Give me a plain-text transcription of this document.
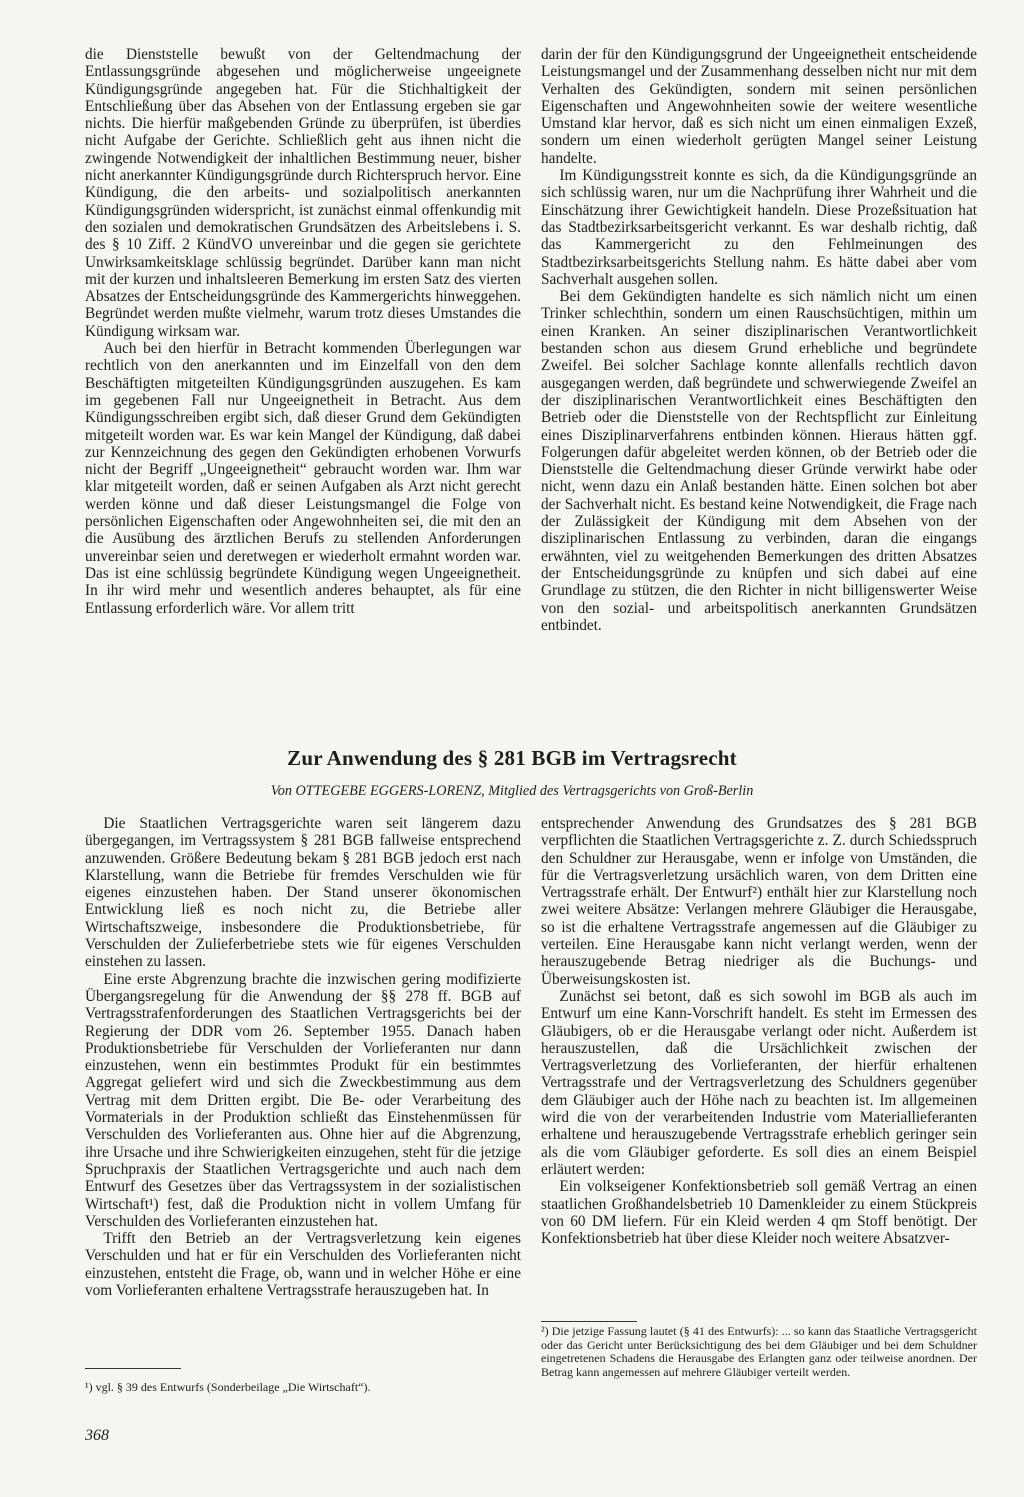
die Dienststelle bewußt von der Geltendmachung der Entlassungsgründe abgesehen und möglicherweise ungeeignete Kündigungsgründe angegeben hat. Für die Stichhaltigkeit der Entschließung über das Absehen von der Entlassung ergeben sie gar nichts. Die hierfür maßgebenden Gründe zu überprüfen, ist überdies nicht Aufgabe der Gerichte. Schließlich geht aus ihnen nicht die zwingende Notwendigkeit der inhaltlichen Bestimmung neuer, bisher nicht anerkannter Kündigungsgründe durch Richterspruch hervor. Eine Kündigung, die den arbeits- und sozialpolitisch anerkannten Kündigungsgründen widerspricht, ist zunächst einmal offenkundig mit den sozialen und demokratischen Grundsätzen des Arbeitslebens i. S. des § 10 Ziff. 2 KündVO unvereinbar und die gegen sie gerichtete Unwirksamkeitsklage schlüssig begründet. Darüber kann man nicht mit der kurzen und inhaltsleeren Bemerkung im ersten Satz des vierten Absatzes der Entscheidungsgründe des Kammergerichts hinweggehen. Begründet werden mußte vielmehr, warum trotz dieses Umstandes die Kündigung wirksam war.

Auch bei den hierfür in Betracht kommenden Überlegungen war rechtlich von den anerkannten und im Einzelfall von den dem Beschäftigten mitgeteilten Kündigungsgründen auszugehen. Es kam im gegebenen Fall nur Ungeeignetheit in Betracht. Aus dem Kündigungsschreiben ergibt sich, daß dieser Grund dem Gekündigten mitgeteilt worden war. Es war kein Mangel der Kündigung, daß dabei zur Kennzeichnung des gegen den Gekündigten erhobenen Vorwurfs nicht der Begriff „Ungeeignetheit“ gebraucht worden war. Ihm war klar mitgeteilt worden, daß er seinen Aufgaben als Arzt nicht gerecht werden könne und daß dieser Leistungsmangel die Folge von persönlichen Eigenschaften oder Angewohnheiten sei, die mit den an die Ausübung des ärztlichen Berufs zu stellenden Anforderungen unvereinbar seien und deretwegen er wiederholt ermahnt worden war. Das ist eine schlüssig begründete Kündigung wegen Ungeeignetheit. In ihr wird mehr und wesentlich anderes behauptet, als für eine Entlassung erforderlich wäre. Vor allem tritt

darin der für den Kündigungsgrund der Ungeeignetheit entscheidende Leistungsmangel und der Zusammenhang desselben nicht nur mit dem Verhalten des Gekündigten, sondern mit seinen persönlichen Eigenschaften und Angewohnheiten sowie der weitere wesentliche Umstand klar hervor, daß es sich nicht um einen einmaligen Exzeß, sondern um einen wiederholt gerügten Mangel seiner Leistung handelte.

Im Kündigungsstreit konnte es sich, da die Kündigungsgründe an sich schlüssig waren, nur um die Nachprüfung ihrer Wahrheit und die Einschätzung ihrer Gewichtigkeit handeln. Diese Prozeßsituation hat das Stadtbezirksarbeitsgericht verkannt. Es war deshalb richtig, daß das Kammergericht zu den Fehlmeinungen des Stadtbezirksarbeitsgerichts Stellung nahm. Es hätte dabei aber vom Sachverhalt ausgehen sollen.

Bei dem Gekündigten handelte es sich nämlich nicht um einen Trinker schlechthin, sondern um einen Rauschsüchtigen, mithin um einen Kranken. An seiner disziplinarischen Verantwortlichkeit bestanden schon aus diesem Grund erhebliche und begründete Zweifel. Bei solcher Sachlage konnte allenfalls rechtlich davon ausgegangen werden, daß begründete und schwerwiegende Zweifel an der disziplinarischen Verantwortlichkeit eines Beschäftigten den Betrieb oder die Dienststelle von der Rechtspflicht zur Einleitung eines Disziplinarverfahrens entbinden können. Hieraus hätten ggf. Folgerungen dafür abgeleitet werden können, ob der Betrieb oder die Dienststelle die Geltendmachung dieser Gründe verwirkt habe oder nicht, wenn dazu ein Anlaß bestanden hätte. Einen solchen bot aber der Sachverhalt nicht. Es bestand keine Notwendigkeit, die Frage nach der Zulässigkeit der Kündigung mit dem Absehen von der disziplinarischen Entlassung zu verbinden, daran die eingangs erwähnten, viel zu weitgehenden Bemerkungen des dritten Absatzes der Entscheidungsgründe zu knüpfen und sich dabei auf eine Grundlage zu stützen, die den Richter in nicht billigenswerter Weise von den sozial- und arbeitspolitisch anerkannten Grundsätzen entbindet.

Zur Anwendung des § 281 BGB im Vertragsrecht
Von OTTEGEBE EGGERS-LORENZ, Mitglied des Vertragsgerichts von Groß-Berlin

Die Staatlichen Vertragsgerichte waren seit längerem dazu übergegangen, im Vertragssystem § 281 BGB fallweise entsprechend anzuwenden. Größere Bedeutung bekam § 281 BGB jedoch erst nach Klarstellung, wann die Betriebe für fremdes Verschulden wie für eigenes einzustehen haben. Der Stand unserer ökonomischen Entwicklung ließ es noch nicht zu, die Betriebe aller Wirtschaftszweige, insbesondere die Produktionsbetriebe, für Verschulden der Zulieferbetriebe stets wie für eigenes Verschulden einstehen zu lassen.

Eine erste Abgrenzung brachte die inzwischen gering modifizierte Übergangsregelung für die Anwendung der §§ 278 ff. BGB auf Vertragsstrafenforderungen des Staatlichen Vertragsgerichts bei der Regierung der DDR vom 26. September 1955. Danach haben Produktionsbetriebe für Verschulden der Vorlieferanten nur dann einzustehen, wenn ein bestimmtes Produkt für ein bestimmtes Aggregat geliefert wird und sich die Zweckbestimmung aus dem Vertrag mit dem Dritten ergibt. Die Be- oder Verarbeitung des Vormaterials in der Produktion schließt das Einstehenmüssen für Verschulden des Vorlieferanten aus. Ohne hier auf die Abgrenzung, ihre Ursache und ihre Schwierigkeiten einzugehen, steht für die jetzige Spruchpraxis der Staatlichen Vertragsgerichte und auch nach dem Entwurf des Gesetzes über das Vertragssystem in der sozialistischen Wirtschaft¹) fest, daß die Produktion nicht in vollem Umfang für Verschulden des Vorlieferanten einzustehen hat.

Trifft den Betrieb an der Vertragsverletzung kein eigenes Verschulden und hat er für ein Verschulden des Vorlieferanten nicht einzustehen, entsteht die Frage, ob, wann und in welcher Höhe er eine vom Vorlieferanten erhaltene Vertragsstrafe herauszugeben hat. In

entsprechender Anwendung des Grundsatzes des § 281 BGB verpflichten die Staatlichen Vertragsgerichte z. Z. durch Schiedsspruch den Schuldner zur Herausgabe, wenn er infolge von Umständen, die für die Vertragsverletzung ursächlich waren, von dem Dritten eine Vertragsstrafe erhält. Der Entwurf²) enthält hier zur Klarstellung noch zwei weitere Absätze: Verlangen mehrere Gläubiger die Herausgabe, so ist die erhaltene Vertragsstrafe angemessen auf die Gläubiger zu verteilen. Eine Herausgabe kann nicht verlangt werden, wenn der herauszugebende Betrag niedriger als die Buchungs- und Überweisungskosten ist.

Zunächst sei betont, daß es sich sowohl im BGB als auch im Entwurf um eine Kann-Vorschrift handelt. Es steht im Ermessen des Gläubigers, ob er die Herausgabe verlangt oder nicht. Außerdem ist herauszustellen, daß die Ursächlichkeit zwischen der Vertragsverletzung des Vorlieferanten, der hierfür erhaltenen Vertragsstrafe und der Vertragsverletzung des Schuldners gegenüber dem Gläubiger auch der Höhe nach zu beachten ist. Im allgemeinen wird die von der verarbeitenden Industrie vom Materiallieferanten erhaltene und herauszugebende Vertragsstrafe erheblich geringer sein als die vom Gläubiger geforderte. Es soll dies an einem Beispiel erläutert werden:

Ein volkseigener Konfektionsbetrieb soll gemäß Vertrag an einen staatlichen Großhandelsbetrieb 10 Damenkleider zu einem Stückpreis von 60 DM liefern. Für ein Kleid werden 4 qm Stoff benötigt. Der Konfektionsbetrieb hat über diese Kleider noch weitere Absatzver-

¹) vgl. § 39 des Entwurfs (Sonderbeilage „Die Wirtschaft“).

²) Die jetzige Fassung lautet (§ 41 des Entwurfs): ... so kann das Staatliche Vertragsgericht oder das Gericht unter Berücksichtigung des bei dem Gläubiger und bei dem Schuldner eingetretenen Schadens die Herausgabe des Erlangten ganz oder teilweise anordnen. Der Betrag kann angemessen auf mehrere Gläubiger verteilt werden.

368
